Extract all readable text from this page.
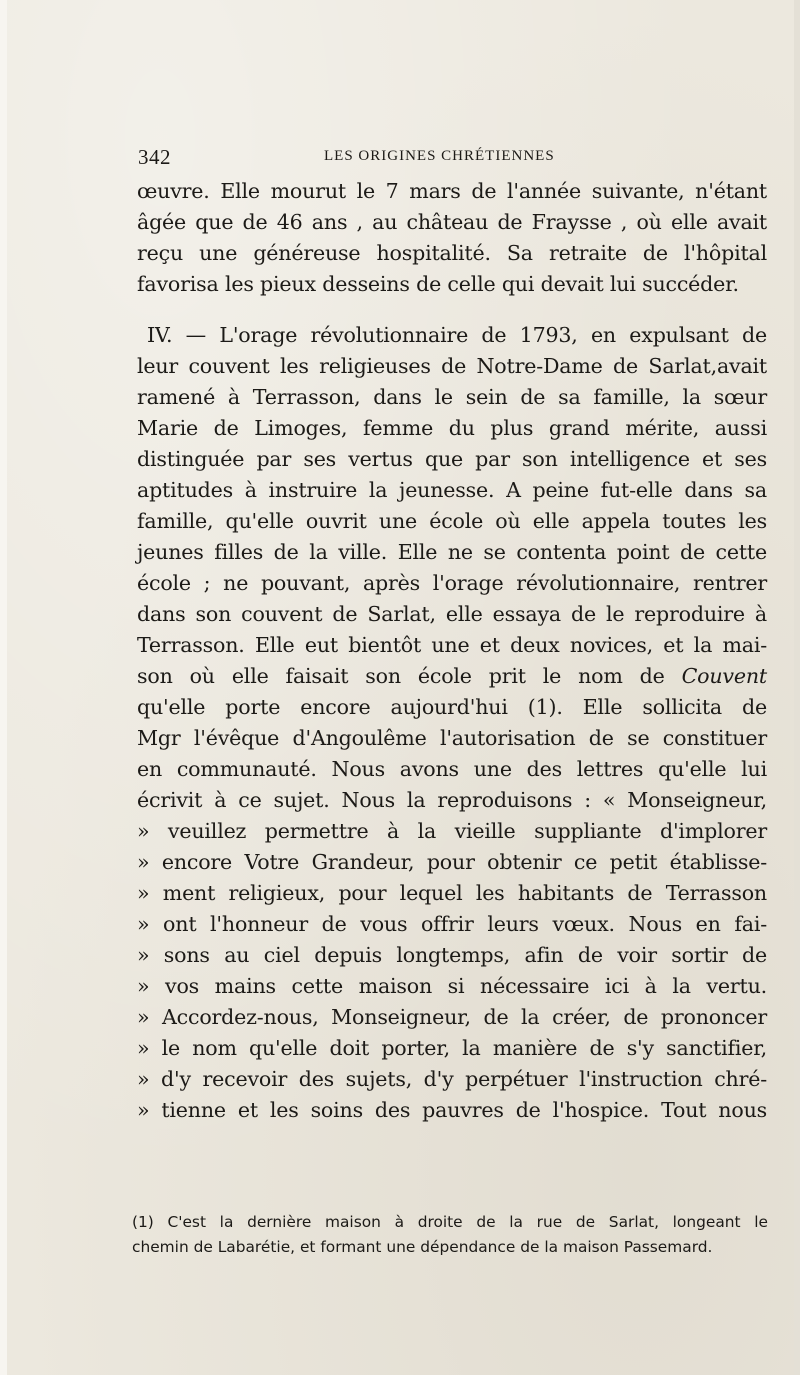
342	LES ORIGINES CHRÉTIENNES
œuvre. Elle mourut le 7 mars de l'année suivante, n'étant
âgée que de 46 ans , au château de Fraysse , où elle avait
reçu une généreuse hospitalité. Sa retraite de l'hôpital
favorisa les pieux desseins de celle qui devait lui succéder.
IV. — L'orage révolutionnaire de 1793, en expulsant de
leur couvent les religieuses de Notre-Dame de Sarlat,avait
ramené à Terrasson, dans le sein de sa famille, la sœur
Marie de Limoges, femme du plus grand mérite, aussi
distinguée par ses vertus que par son intelligence et ses
aptitudes à instruire la jeunesse. A peine fut-elle dans sa
famille, qu'elle ouvrit une école où elle appela toutes les
jeunes filles de la ville. Elle ne se contenta point de cette
école ; ne pouvant, après l'orage révolutionnaire, rentrer
dans son couvent de Sarlat, elle essaya de le reproduire à
Terrasson. Elle eut bientôt une et deux novices, et la mai-
son où elle faisait son école prit le nom de Couvent
qu'elle porte encore aujourd'hui (1). Elle sollicita de
Mgr l'évêque d'Angoulême l'autorisation de se constituer
en communauté. Nous avons une des lettres qu'elle lui
écrivit à ce sujet. Nous la reproduisons : « Monseigneur,
» veuillez permettre à la vieille suppliante d'implorer
» encore Votre Grandeur, pour obtenir ce petit établisse-
» ment religieux, pour lequel les habitants de Terrasson
» ont l'honneur de vous offrir leurs vœux. Nous en fai-
» sons au ciel depuis longtemps, afin de voir sortir de
» vos mains cette maison si nécessaire ici à la vertu.
» Accordez-nous, Monseigneur, de la créer, de prononcer
» le nom qu'elle doit porter, la manière de s'y sanctifier,
» d'y recevoir des sujets, d'y perpétuer l'instruction chré-
» tienne et les soins des pauvres de l'hospice. Tout nous
(1) C'est la dernière maison à droite de la rue de Sarlat, longeant le
chemin de Labarétie, et formant une dépendance de la maison Passemard.
